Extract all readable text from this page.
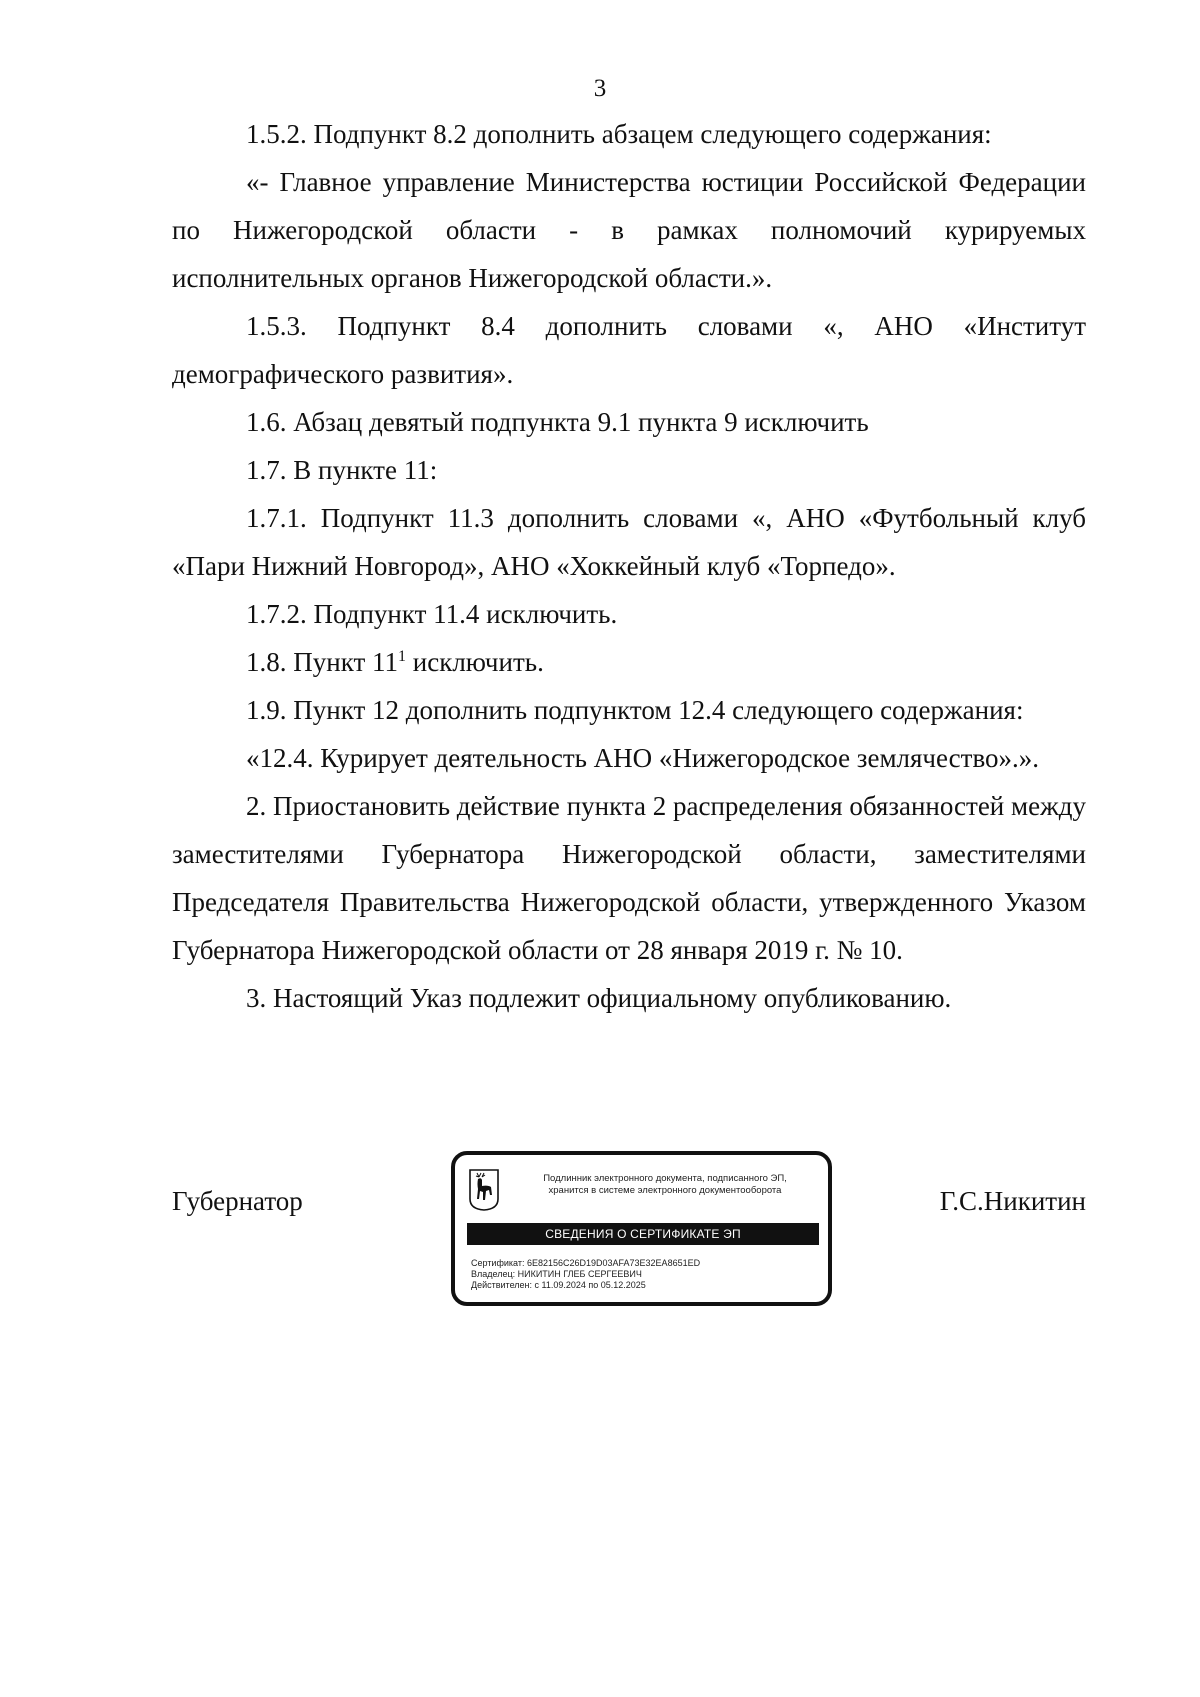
3

1.5.2. Подпункт 8.2 дополнить абзацем следующего содержания:

«- Главное управление Министерства юстиции Российской Федерации по Нижегородской области - в рамках полномочий курируемых исполнительных органов Нижегородской области.».

1.5.3. Подпункт 8.4 дополнить словами «, АНО «Институт демографического развития».

1.6. Абзац девятый подпункта 9.1 пункта 9 исключить

1.7. В пункте 11:

1.7.1. Подпункт 11.3 дополнить словами «, АНО «Футбольный клуб «Пари Нижний Новгород», АНО «Хоккейный клуб «Торпедо».

1.7.2. Подпункт 11.4 исключить.

1.8. Пункт $11^1$ исключить.

1.9. Пункт 12 дополнить подпунктом 12.4 следующего содержания:

«12.4. Курирует деятельность АНО «Нижегородское землячество».».

2. Приостановить действие пункта 2 распределения обязанностей между заместителями Губернатора Нижегородской области, заместителями Председателя Правительства Нижегородской области, утвержденного Указом Губернатора Нижегородской области от 28 января 2019 г. № 10.

3. Настоящий Указ подлежит официальному опубликованию.

Губернатор	Г.С.Никитин
Подлинник электронного документа, подписанного ЭП,
хранится в системе электронного документооборота
СВЕДЕНИЯ О СЕРТИФИКАТЕ ЭП
Сертификат: 6E82156C26D19D03AFA73E32EA8651ED
Владелец: НИКИТИН ГЛЕБ СЕРГЕЕВИЧ
Действителен: с 11.09.2024 по 05.12.2025
